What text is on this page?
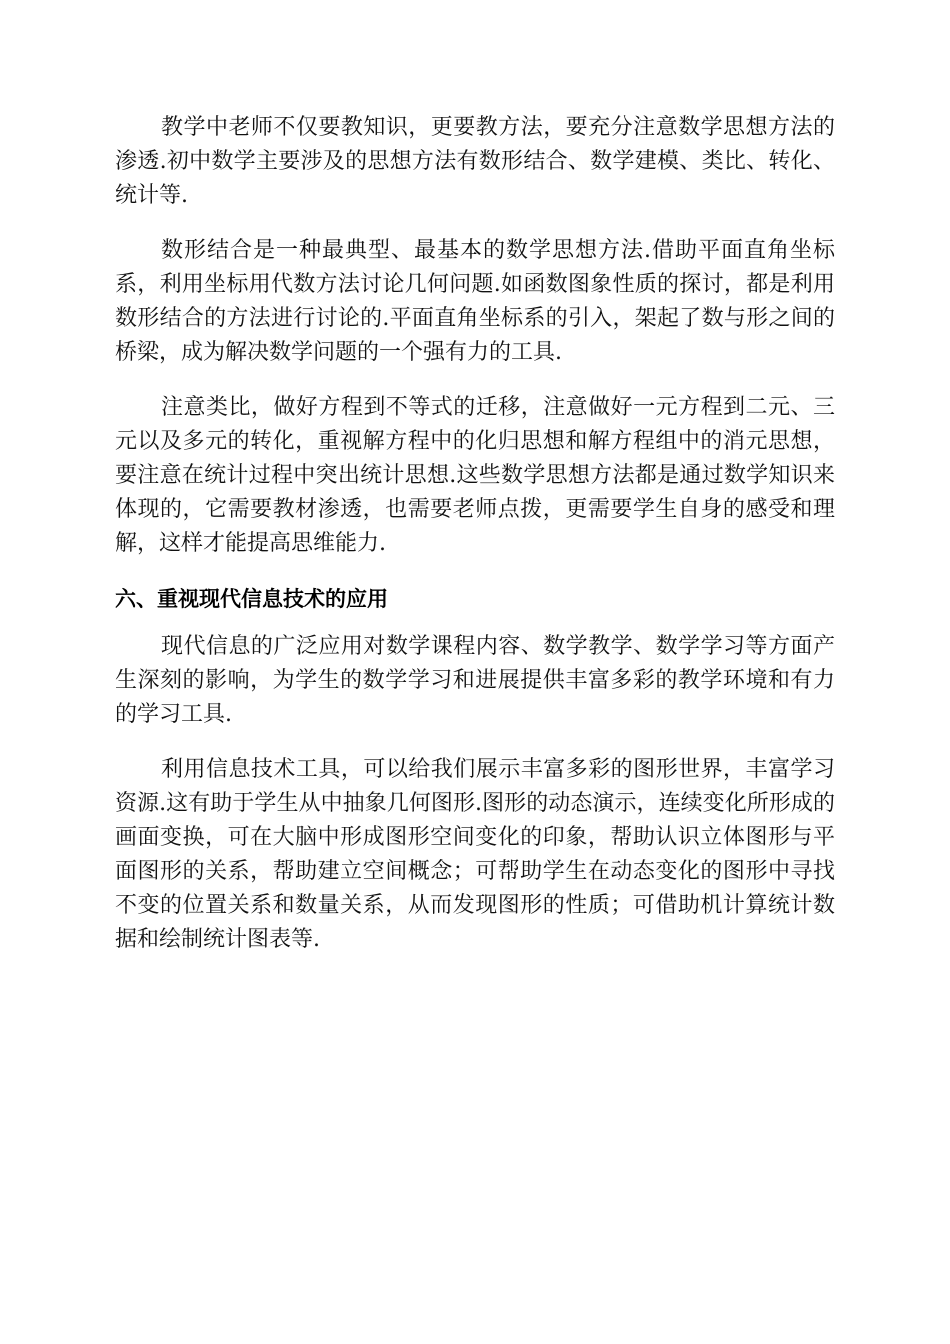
教学中老师不仅要教知识，更要教方法，要充分注意数学思想方法的渗透.初中数学主要涉及的思想方法有数形结合、数学建模、类比、转化、统计等.

数形结合是一种最典型、最基本的数学思想方法.借助平面直角坐标系，利用坐标用代数方法讨论几何问题.如函数图象性质的探讨，都是利用数形结合的方法进行讨论的.平面直角坐标系的引入，架起了数与形之间的桥梁，成为解决数学问题的一个强有力的工具.

注意类比，做好方程到不等式的迁移，注意做好一元方程到二元、三元以及多元的转化，重视解方程中的化归思想和解方程组中的消元思想，要注意在统计过程中突出统计思想.这些数学思想方法都是通过数学知识来体现的，它需要教材渗透，也需要老师点拨，更需要学生自身的感受和理解，这样才能提高思维能力.

六、重视现代信息技术的应用

现代信息的广泛应用对数学课程内容、数学教学、数学学习等方面产生深刻的影响，为学生的数学学习和进展提供丰富多彩的教学环境和有力的学习工具.

利用信息技术工具，可以给我们展示丰富多彩的图形世界，丰富学习资源.这有助于学生从中抽象几何图形.图形的动态演示，连续变化所形成的画面变换，可在大脑中形成图形空间变化的印象，帮助认识立体图形与平面图形的关系，帮助建立空间概念；可帮助学生在动态变化的图形中寻找不变的位置关系和数量关系，从而发现图形的性质；可借助机计算统计数据和绘制统计图表等.
